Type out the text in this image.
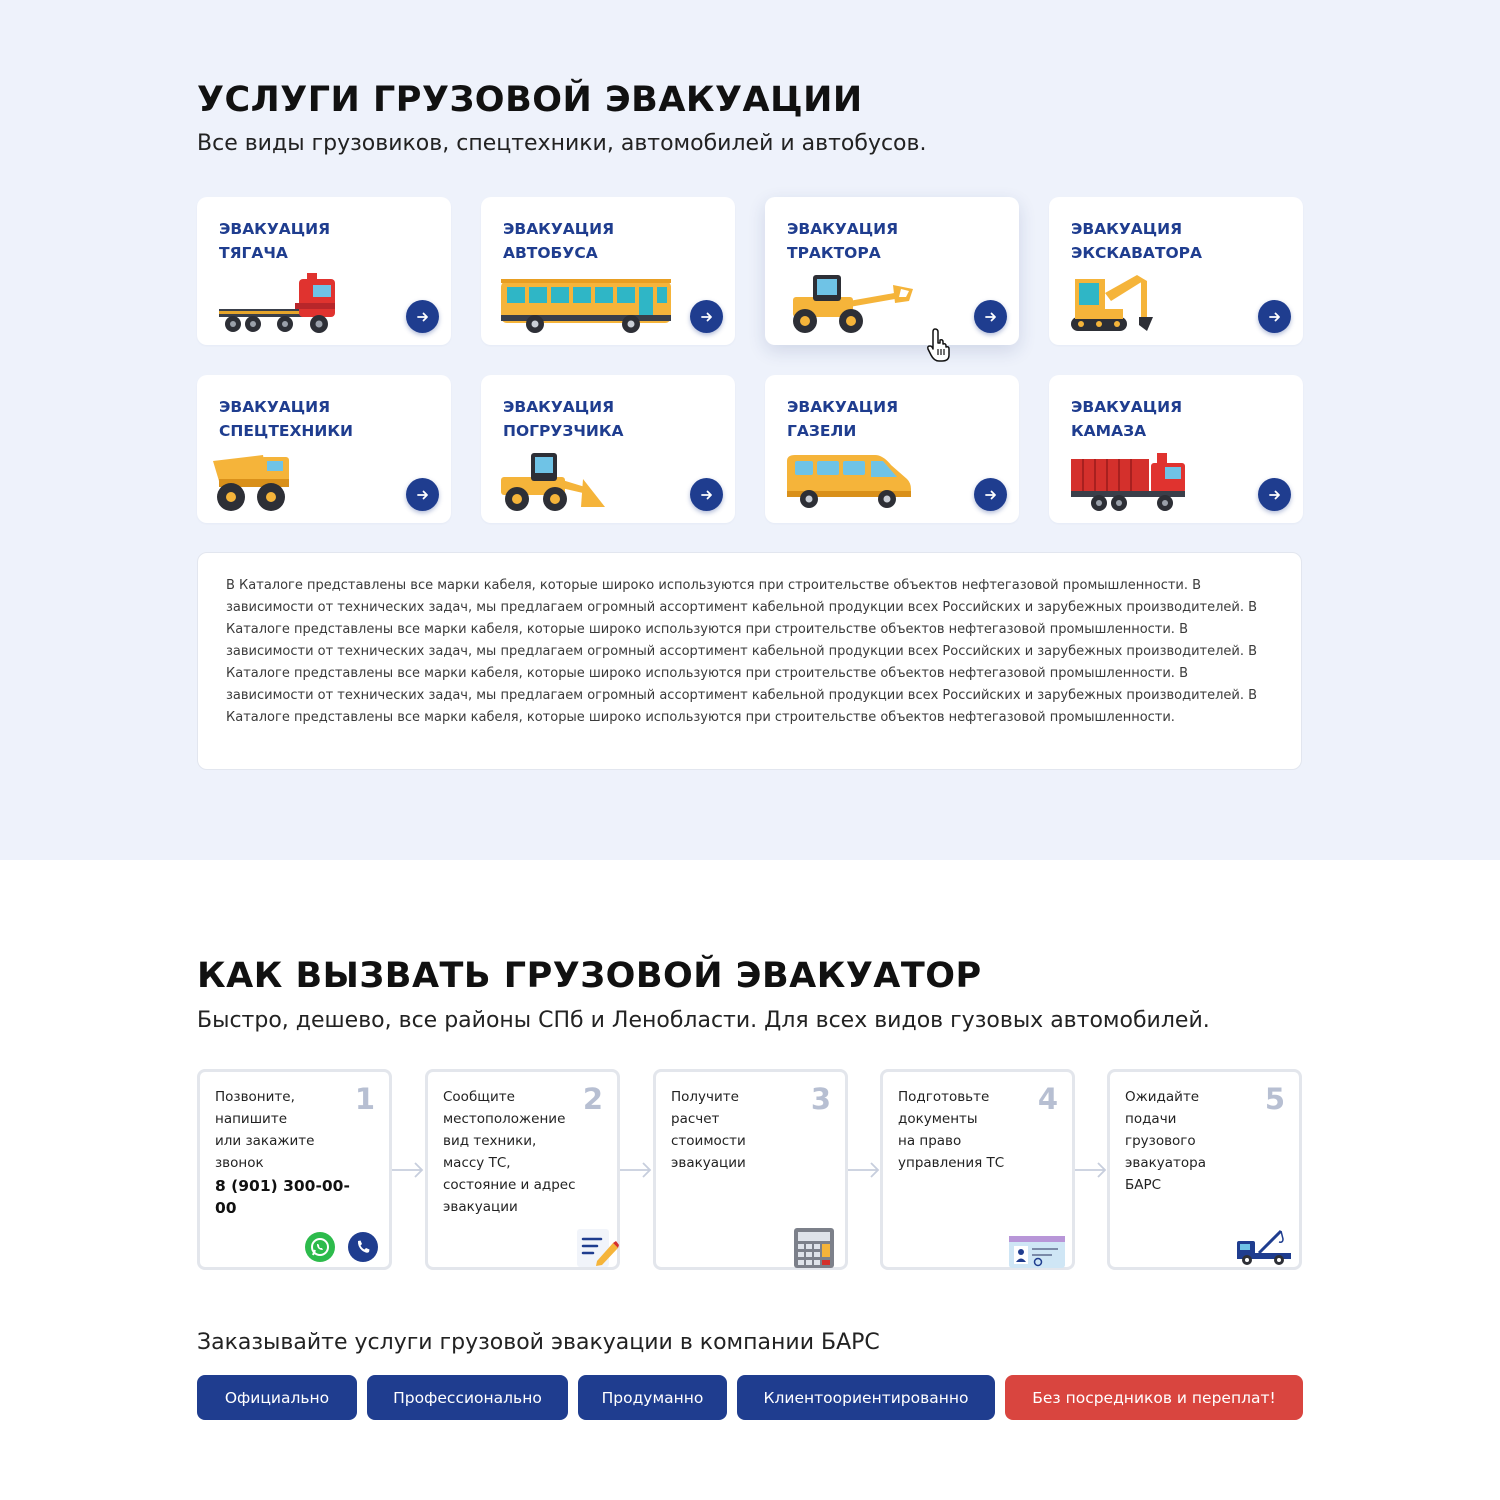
УСЛУГИ ГРУЗОВОЙ ЭВАКУАЦИИ
Все виды грузовиков, спецтехники, автомобилей и автобусов.
ЭВАКУАЦИЯ
ТЯГАЧА
ЭВАКУАЦИЯ
АВТОБУСА
ЭВАКУАЦИЯ
ТРАКТОРА
ЭВАКУАЦИЯ
ЭКСКАВАТОРА
ЭВАКУАЦИЯ
СПЕЦТЕХНИКИ
ЭВАКУАЦИЯ
ПОГРУЗЧИКА
ЭВАКУАЦИЯ
ГАЗЕЛИ
ЭВАКУАЦИЯ
КАМАЗА

В Каталоге представлены все марки кабеля, которые широко используются при строительстве объектов нефтегазовой промышленности. В зависимости от технических задач, мы предлагаем огромный ассортимент кабельной продукции всех Российских и зарубежных производителей. В Каталоге представлены все марки кабеля, которые широко используются при строительстве объектов нефтегазовой промышленности. В зависимости от технических задач, мы предлагаем огромный ассортимент кабельной продукции всех Российских и зарубежных производителей. В Каталоге представлены все марки кабеля, которые широко используются при строительстве объектов нефтегазовой промышленности. В зависимости от технических задач, мы предлагаем огромный ассортимент кабельной продукции всех Российских и зарубежных производителей. В Каталоге представлены все марки кабеля, которые широко используются при строительстве объектов нефтегазовой промышленности.

КАК ВЫЗВАТЬ ГРУЗОВОЙ ЭВАКУАТОР
Быстро, дешево, все районы СПб и Ленобласти. Для всех видов гузовых автомобилей.
Позвоните,
напишите
или закажите
звонок
8 (901) 300-00-00
1	Сообщите
местоположение
вид техники,
массу ТС,
состояние и адрес
эвакуации
2	Получите
расчет
стоимости
эвакуации
3	Подготовьте
документы
на право
управления ТС
4	Ожидайте
подачи
грузового
эвакуатора
БАРС
5
Заказывайте услуги грузовой эвакуации в компании БАРС
Официально	Профессионально	Продуманно	Клиентоориентированно	Без посредников и переплат!
